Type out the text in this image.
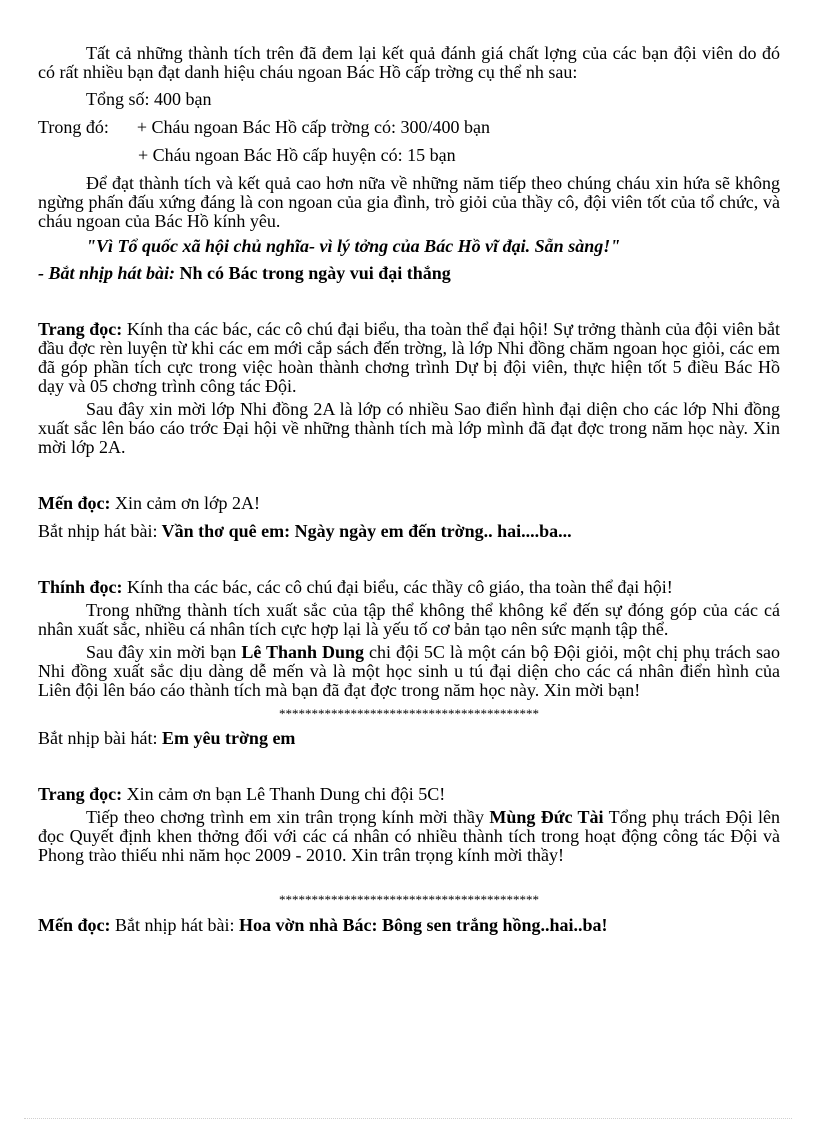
Tất cả những thành tích trên đã đem lại kết quả đánh giá chất lợng của các bạn đội viên do đó có rất nhiều bạn đạt danh hiệu cháu ngoan Bác Hồ cấp trờng cụ thể nh sau:

Tổng số: 400 bạn

Trong đó: + Cháu ngoan Bác Hồ cấp trờng có: 300/400 bạn

+ Cháu ngoan Bác Hồ cấp huyện có: 15 bạn

Để đạt thành tích và kết quả cao hơn nữa về những năm tiếp theo chúng cháu xin hứa sẽ không ngừng phấn đấu xứng đáng là con ngoan của gia đình, trò giỏi của thầy cô, đội viên tốt của tổ chức, và cháu ngoan của Bác Hồ kính yêu.

"Vì Tổ quốc xã hội chủ nghĩa- vì lý tởng của Bác Hồ vĩ đại. Sẵn sàng!"

- Bắt nhịp hát bài: Nh có Bác trong ngày vui đại thắng

Trang đọc: Kính tha các bác, các cô chú đại biểu, tha toàn thể đại hội! Sự trởng thành của đội viên bắt đầu đợc rèn luyện từ khi các em mới cắp sách đến trờng, là lớp Nhi đồng chăm ngoan học giỏi, các em đã góp phần tích cực trong việc hoàn thành chơng trình Dự bị đội viên, thực hiện tốt 5 điều Bác Hồ dạy và 05 chơng trình công tác Đội.

Sau đây xin mời lớp Nhi đồng 2A là lớp có nhiều Sao điển hình đại diện cho các lớp Nhi đồng xuất sắc lên báo cáo trớc Đại hội về những thành tích mà lớp mình đã đạt đợc trong năm học này. Xin mời lớp 2A.

Mến đọc: Xin cảm ơn lớp 2A!

Bắt nhịp hát bài: Vần thơ quê em: Ngày ngày em đến trờng.. hai....ba...

Thính đọc: Kính tha các bác, các cô chú đại biểu, các thầy cô giáo, tha toàn thể đại hội!

Trong những thành tích xuất sắc của tập thể không thể không kể đến sự đóng góp của các cá nhân xuất sắc, nhiều cá nhân tích cực hợp lại là yếu tố cơ bản tạo nên sức mạnh tập thể.

Sau đây xin mời bạn Lê Thanh Dung chi đội 5C là một cán bộ Đội giỏi, một chị phụ trách sao Nhi đồng xuất sắc dịu dàng dễ mến và là một học sinh u tú đại diện cho các cá nhân điển hình của Liên đội lên báo cáo thành tích mà bạn đã đạt đợc trong năm học này. Xin mời bạn!

****************************************

Bắt nhịp bài hát: Em yêu trờng em

Trang đọc: Xin cảm ơn bạn Lê Thanh Dung chi đội 5C!

Tiếp theo chơng trình em xin trân trọng kính mời thầy Mùng Đức Tài Tổng phụ trách Đội lên đọc Quyết định khen thởng đối với các cá nhân có nhiều thành tích trong hoạt động công tác Đội và Phong trào thiếu nhi năm học 2009 - 2010. Xin trân trọng kính mời thầy!

****************************************

Mến đọc: Bắt nhịp hát bài: Hoa vờn nhà Bác: Bông sen trắng hồng..hai..ba!
